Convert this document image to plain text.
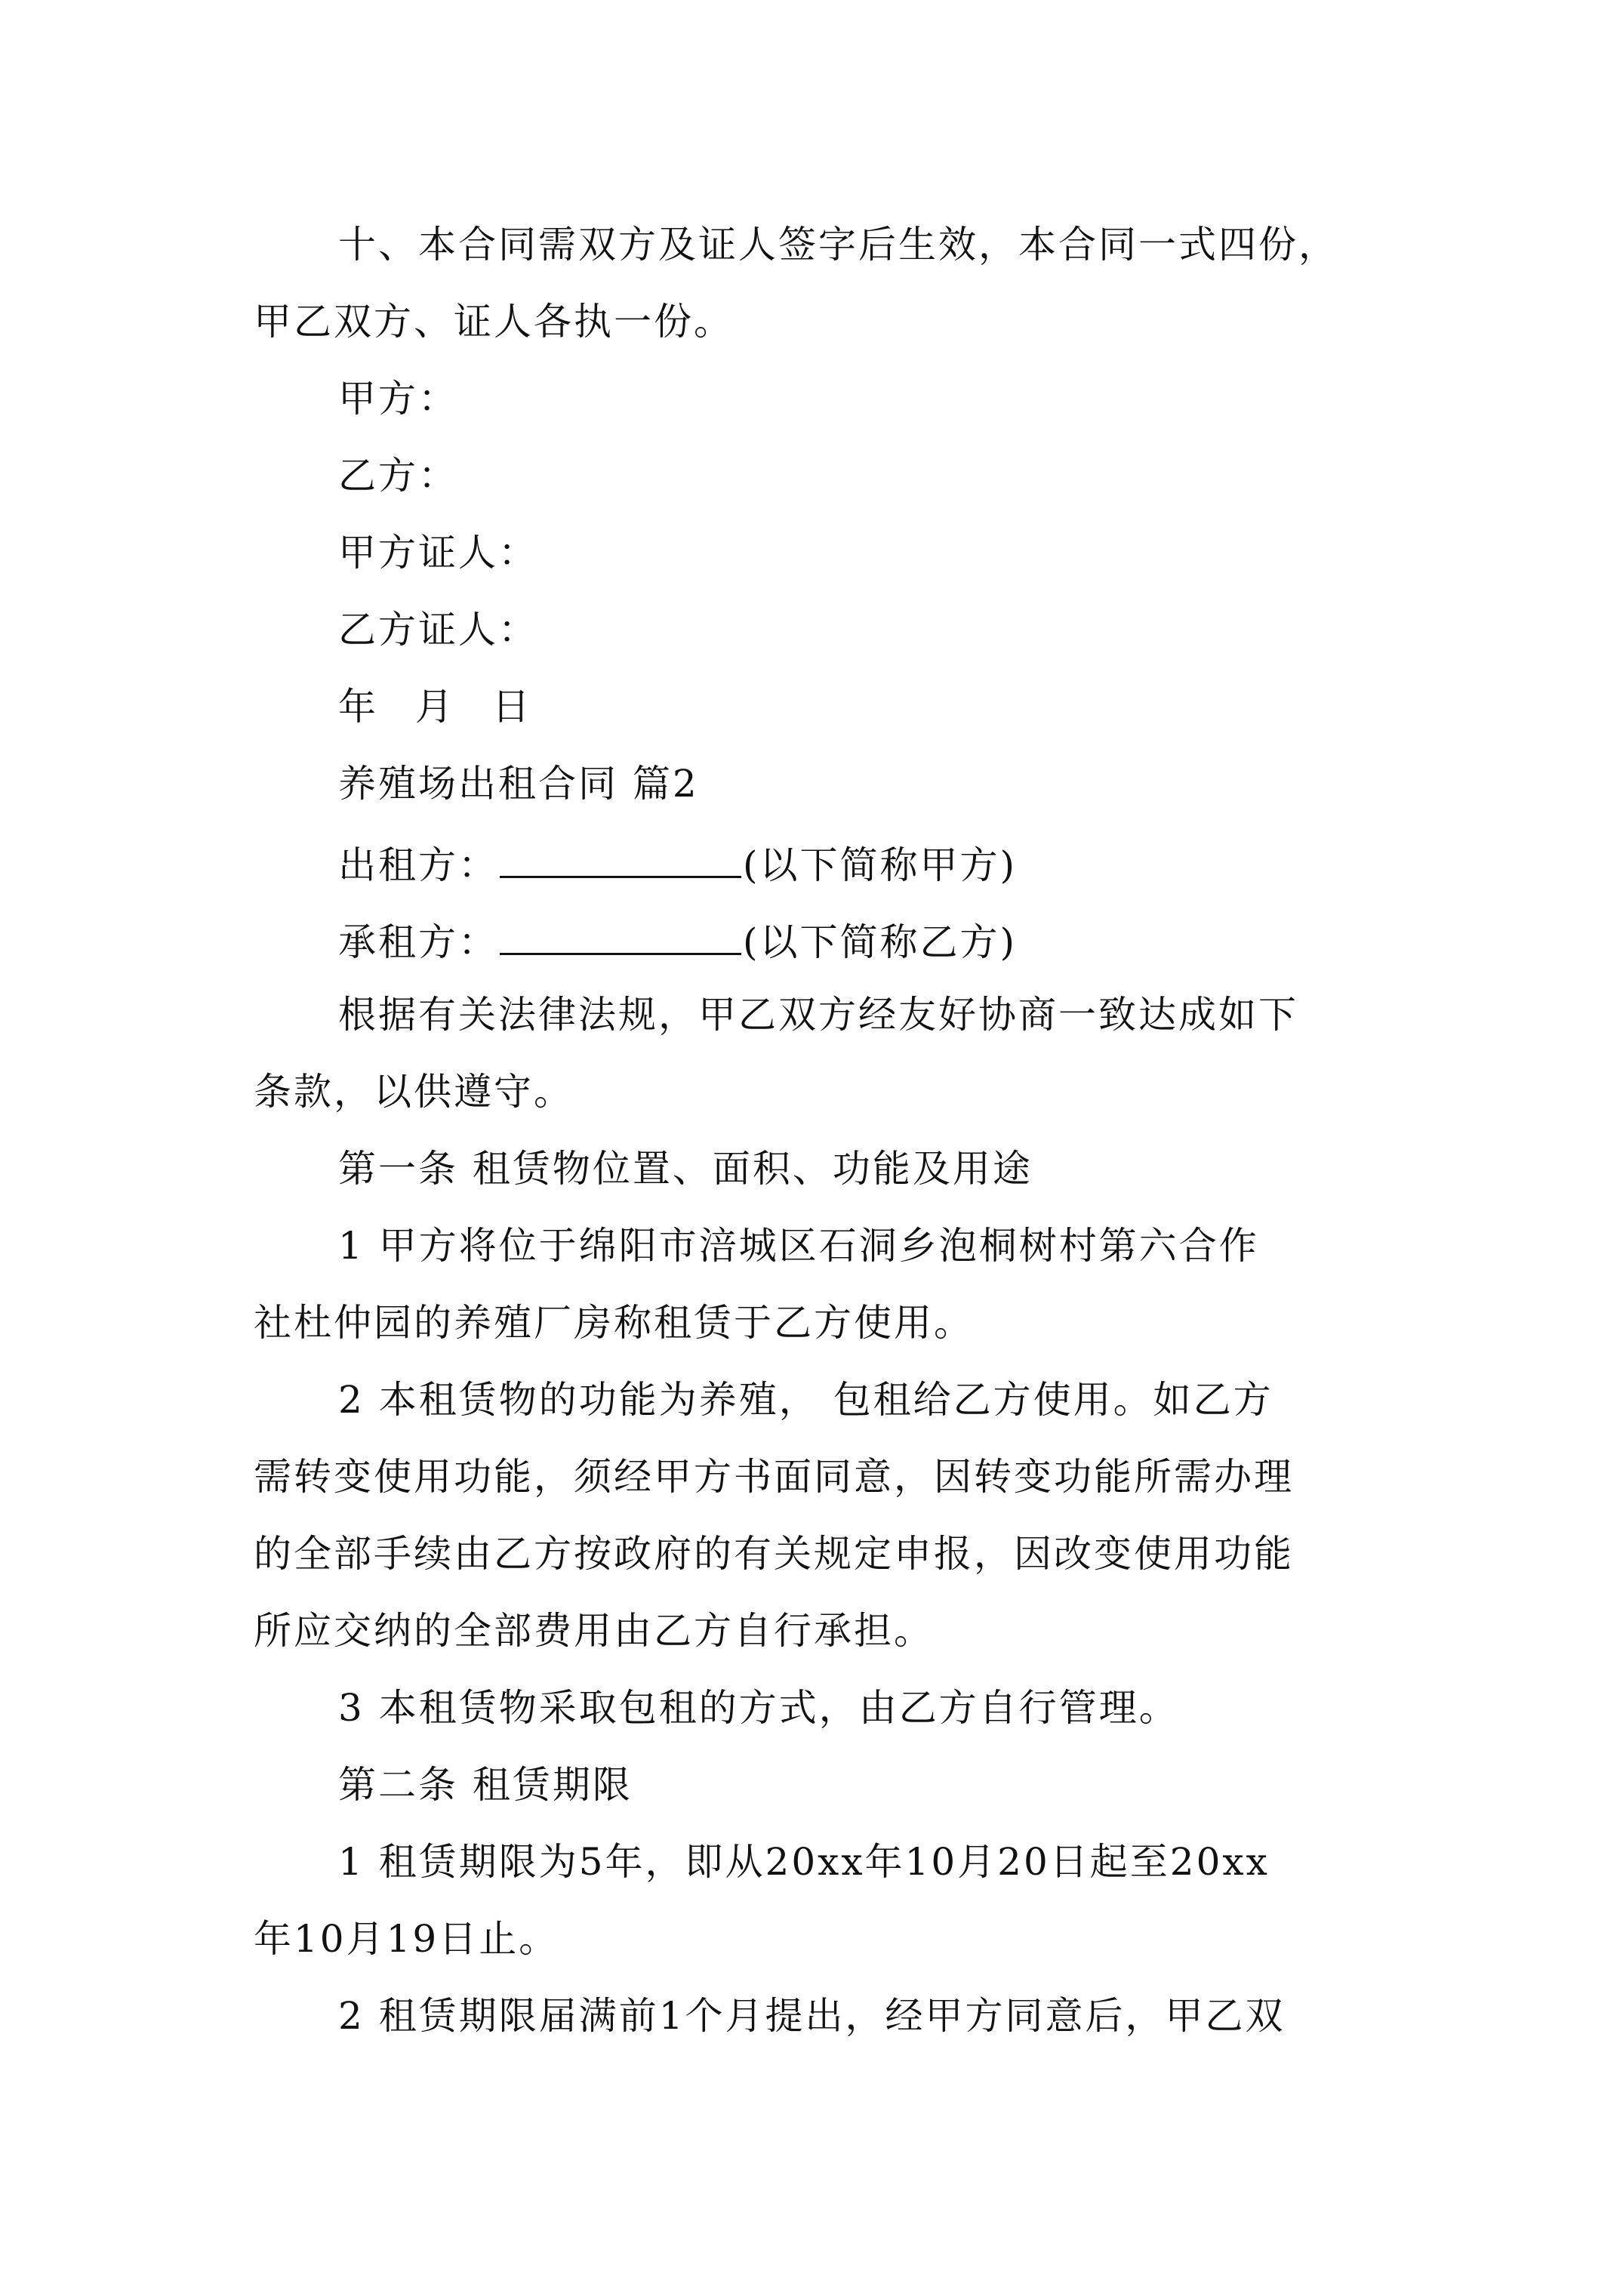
十、本合同需双方及证人签字后生效，本合同一式四份，
甲乙双方、证人各执一份。
甲方：
乙方：
甲方证人：
乙方证人：
年 月 日
养殖场出租合同 篇2
出租方：	(以下简称甲方)
承租方：	(以下简称乙方)
根据有关法律法规，甲乙双方经友好协商一致达成如下
条款，以供遵守。
第一条 租赁物位置、面积、功能及用途
1 甲方将位于绵阳市涪城区石洞乡泡桐树村第六合作
社杜仲园的养殖厂房称租赁于乙方使用。
2 本租赁物的功能为养殖， 包租给乙方使用。如乙方
需转变使用功能，须经甲方书面同意，因转变功能所需办理
的全部手续由乙方按政府的有关规定申报，因改变使用功能
所应交纳的全部费用由乙方自行承担。
3 本租赁物采取包租的方式，由乙方自行管理。
第二条 租赁期限
1 租赁期限为5年，即从20xx年10月20日起至20xx
年10月19日止。
2 租赁期限届满前1个月提出，经甲方同意后，甲乙双
